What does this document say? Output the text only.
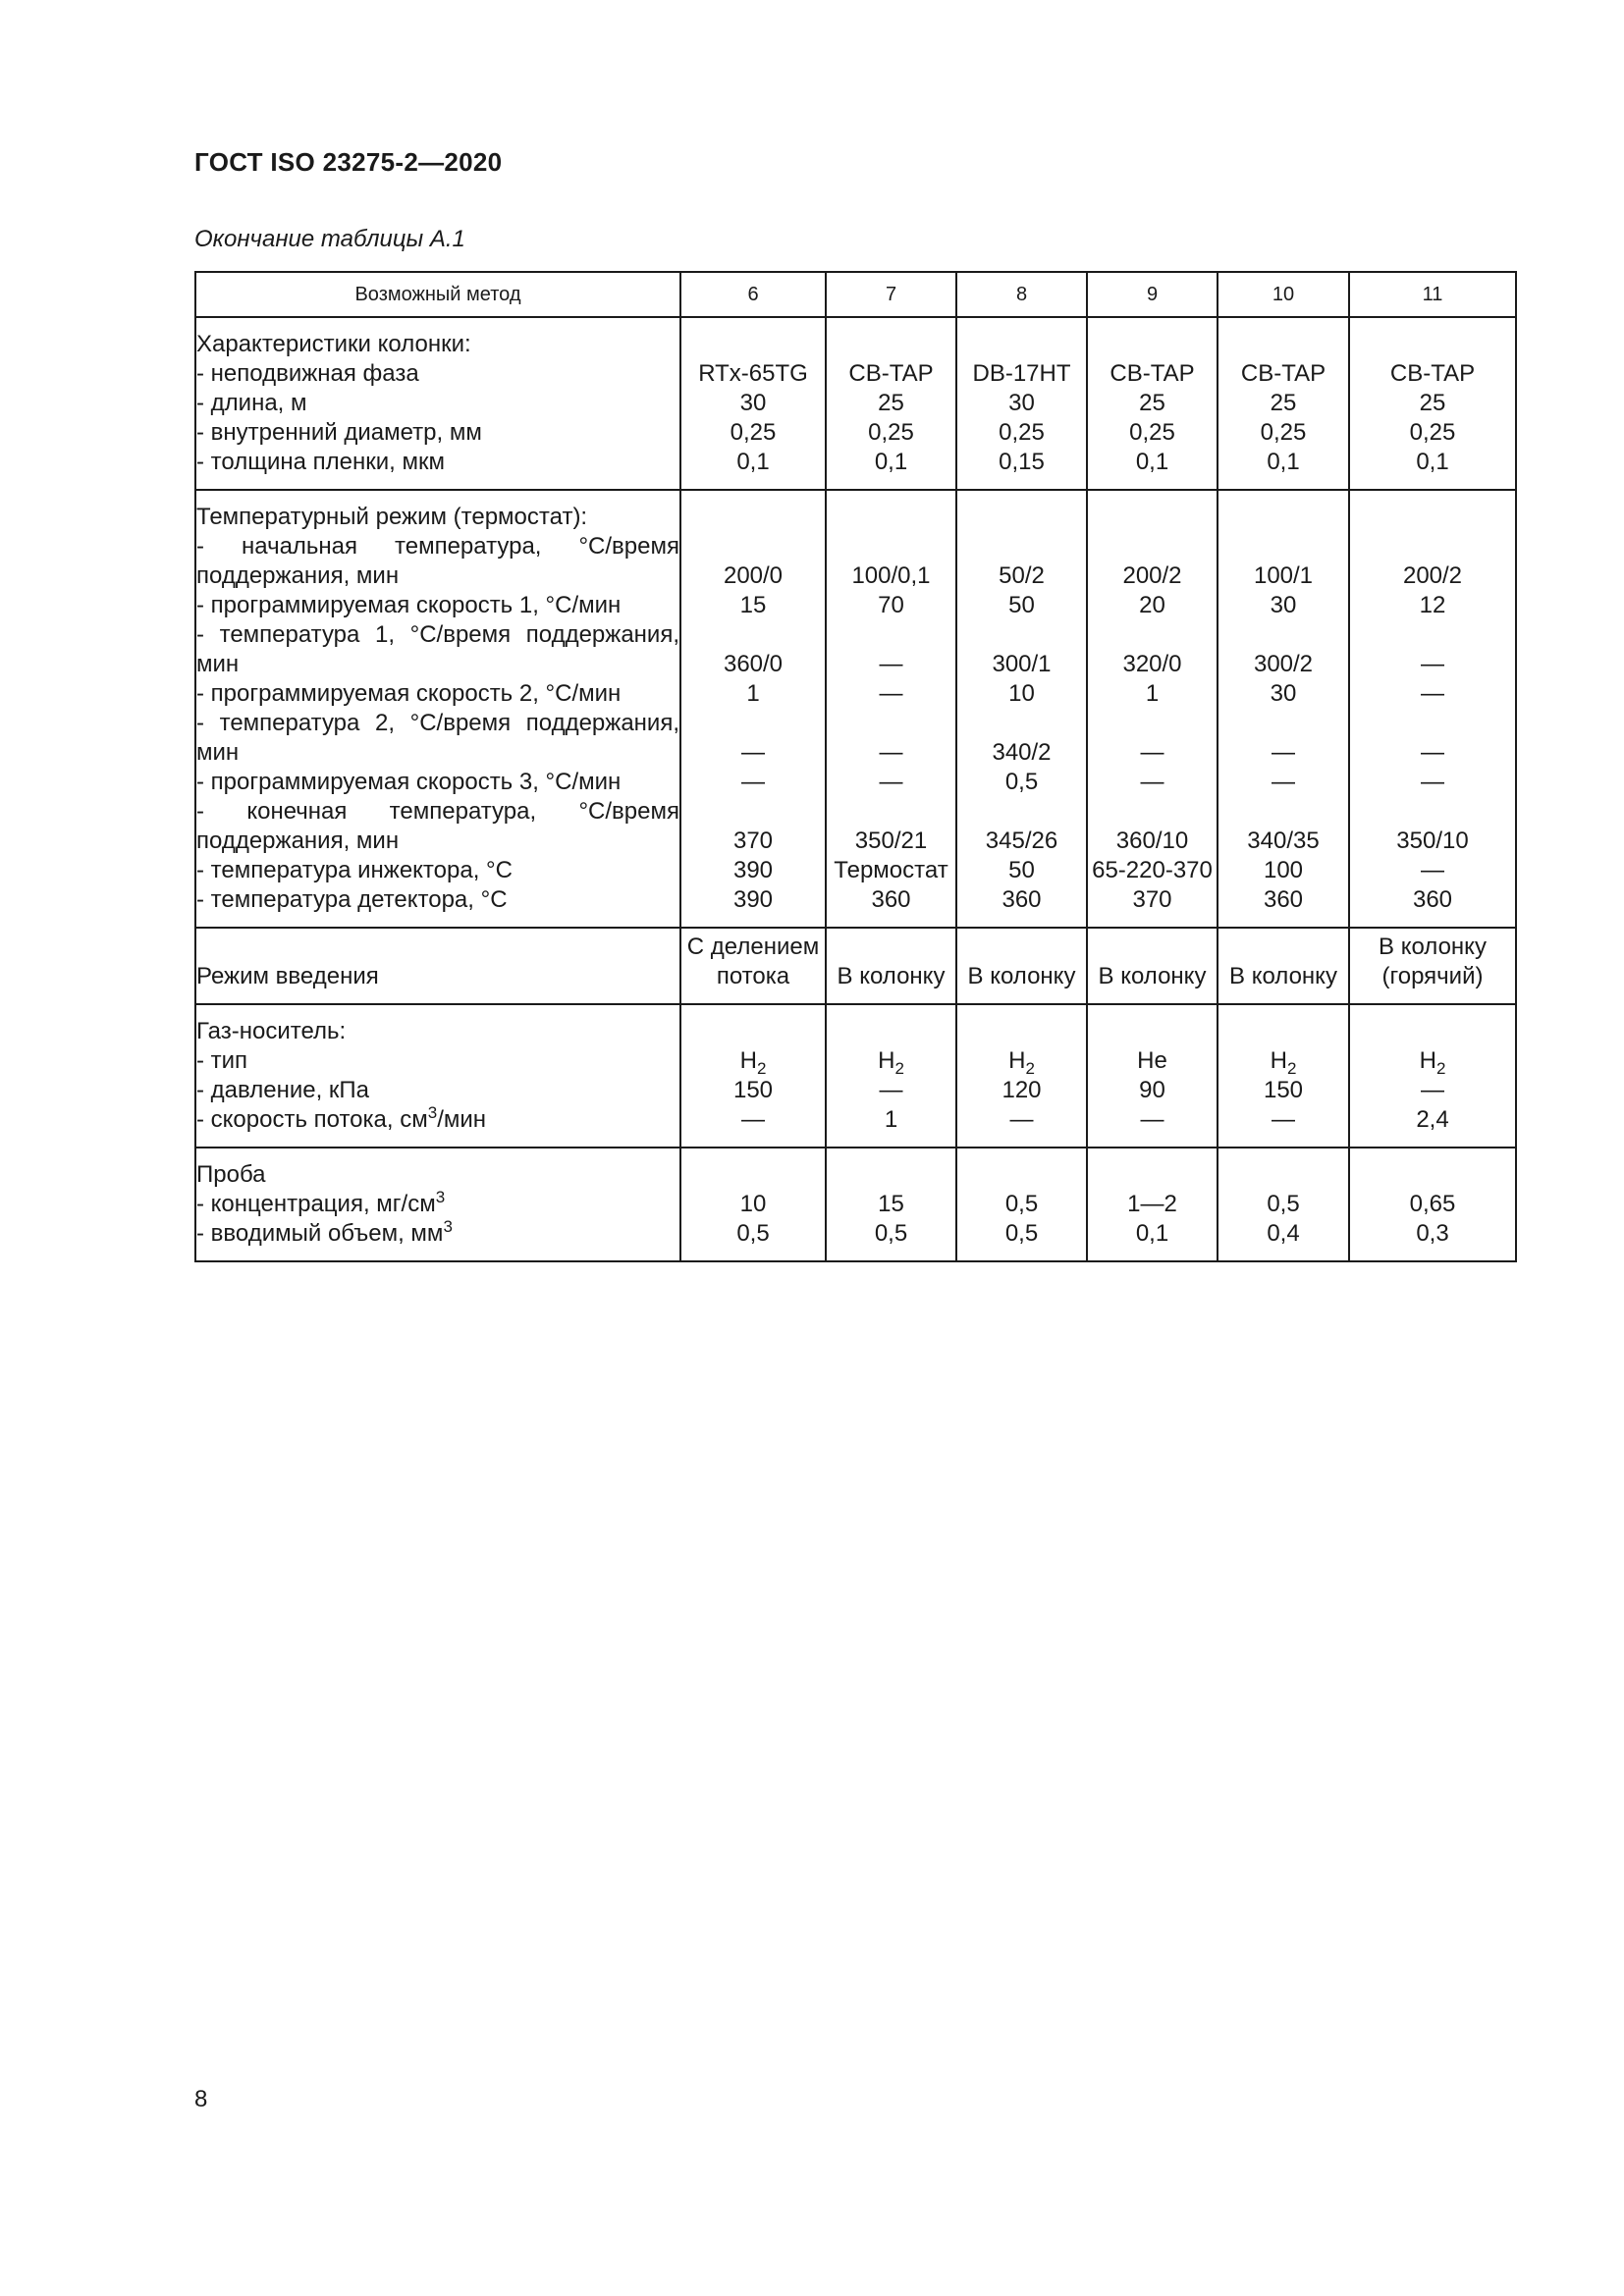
ГОСТ ISO 23275-2—2020
Окончание таблицы А.1
Возможный метод	6	7	8	9	10	11
Характеристики колонки:						
- неподвижная фаза	RTx-65TG	CB-TAP	DB-17HT	CB-TAP	CB-TAP	CB-TAP
- длина, м	30	25	30	25	25	25
- внутренний диаметр, мм	0,25	0,25	0,25	0,25	0,25	0,25
- толщина пленки, мкм	0,1	0,1	0,15	0,1	0,1	0,1
Температурный режим (термостат):						
- начальная температура, °C/время поддержания, мин	200/0	100/0,1	50/2	200/2	100/1	200/2
- программируемая скорость 1, °C/мин	15	70	50	20	30	12
- температура 1, °C/время поддержания, мин	360/0	—	300/1	320/0	300/2	—
- программируемая скорость 2, °C/мин	1	—	10	1	30	—
- температура 2, °C/время поддержания, мин	—	—	340/2	—	—	—
- программируемая скорость 3, °C/мин	—	—	0,5	—	—	—
- конечная температура, °C/время поддержания, мин	370	350/21	345/26	360/10	340/35	350/10
- температура инжектора, °C	390	Термостат	50	65-220-370	100	—
- температура детектора, °C	390	360	360	370	360	360
Режим введения	С делением потока	В колонку	В колонку	В колонку	В колонку	В колонку (горячий)
Газ-носитель:						
- тип	$H_2$	$H_2$	$H_2$	He	$H_2$	$H_2$
- давление, кПа	150	—	120	90	150	—
- скорость потока, $см^3$/мин	—	1	—	—	—	2,4
Проба						
- концентрация, $мг/см^3$	10	15	0,5	1—2	0,5	0,65
- вводимый объем, $мм^3$	0,5	0,5	0,5	0,1	0,4	0,3
8
